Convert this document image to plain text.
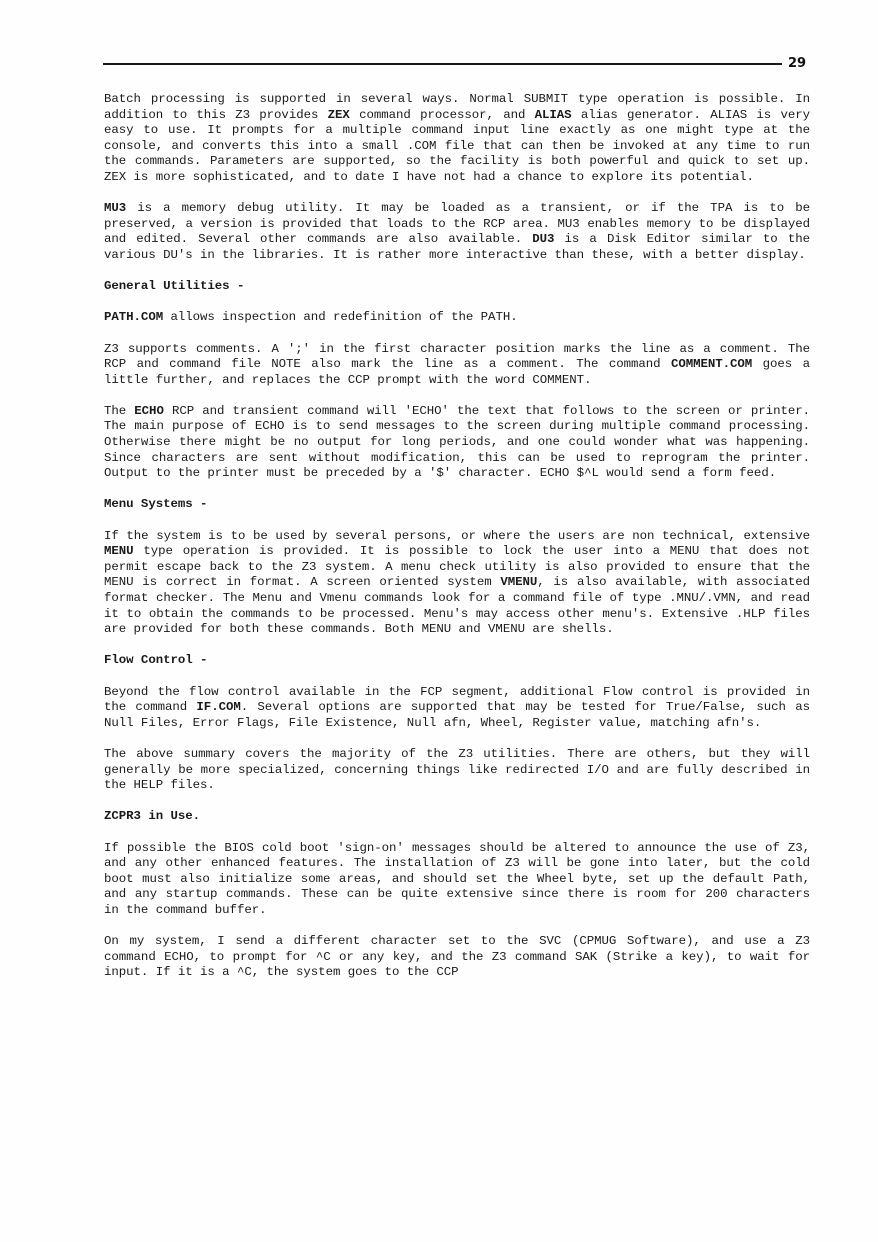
29

Batch processing is supported in several ways. Normal SUBMIT type operation is possible. In addition to this Z3 provides ZEX command processor, and ALIAS alias generator. ALIAS is very easy to use. It prompts for a multiple command input line exactly as one might type at the console, and converts this into a small .COM file that can then be invoked at any time to run the commands. Parameters are supported, so the facility is both powerful and quick to set up. ZEX is more sophisticated, and to date I have not had a chance to explore its potential.

MU3 is a memory debug utility. It may be loaded as a transient, or if the TPA is to be preserved, a version is provided that loads to the RCP area. MU3 enables memory to be displayed and edited. Several other commands are also available. DU3 is a Disk Editor similar to the various DU's in the libraries. It is rather more interactive than these, with a better display.

General Utilities -

PATH.COM allows inspection and redefinition of the PATH.

Z3 supports comments. A ';' in the first character position marks the line as a comment. The RCP and command file NOTE also mark the line as a comment. The command COMMENT.COM goes a little further, and replaces the CCP prompt with the word COMMENT.

The ECHO RCP and transient command will 'ECHO' the text that follows to the screen or printer. The main purpose of ECHO is to send messages to the screen during multiple command processing. Otherwise there might be no output for long periods, and one could wonder what was happening. Since characters are sent without modification, this can be used to reprogram the printer. Output to the printer must be preceded by a '$' character. ECHO $^L would send a form feed.

Menu Systems -

If the system is to be used by several persons, or where the users are non technical, extensive MENU type operation is provided. It is possible to lock the user into a MENU that does not permit escape back to the Z3 system. A menu check utility is also provided to ensure that the MENU is correct in format. A screen oriented system VMENU, is also available, with associated format checker. The Menu and Vmenu commands look for a command file of type .MNU/.VMN, and read it to obtain the commands to be processed. Menu's may access other menu's. Extensive .HLP files are provided for both these commands. Both MENU and VMENU are shells.

Flow Control -

Beyond the flow control available in the FCP segment, additional Flow control is provided in the command IF.COM. Several options are supported that may be tested for True/False, such as Null Files, Error Flags, File Existence, Null afn, Wheel, Register value, matching afn's.

The above summary covers the majority of the Z3 utilities. There are others, but they will generally be more specialized, concerning things like redirected I/O and are fully described in the HELP files.

ZCPR3 in Use.

If possible the BIOS cold boot 'sign-on' messages should be altered to announce the use of Z3, and any other enhanced features. The installation of Z3 will be gone into later, but the cold boot must also initialize some areas, and should set the Wheel byte, set up the default Path, and any startup commands. These can be quite extensive since there is room for 200 characters in the command buffer.

On my system, I send a different character set to the SVC (CPMUG Software), and use a Z3 command ECHO, to prompt for ^C or any key, and the Z3 command SAK (Strike a key), to wait for input. If it is a ^C, the system goes to the CCP
